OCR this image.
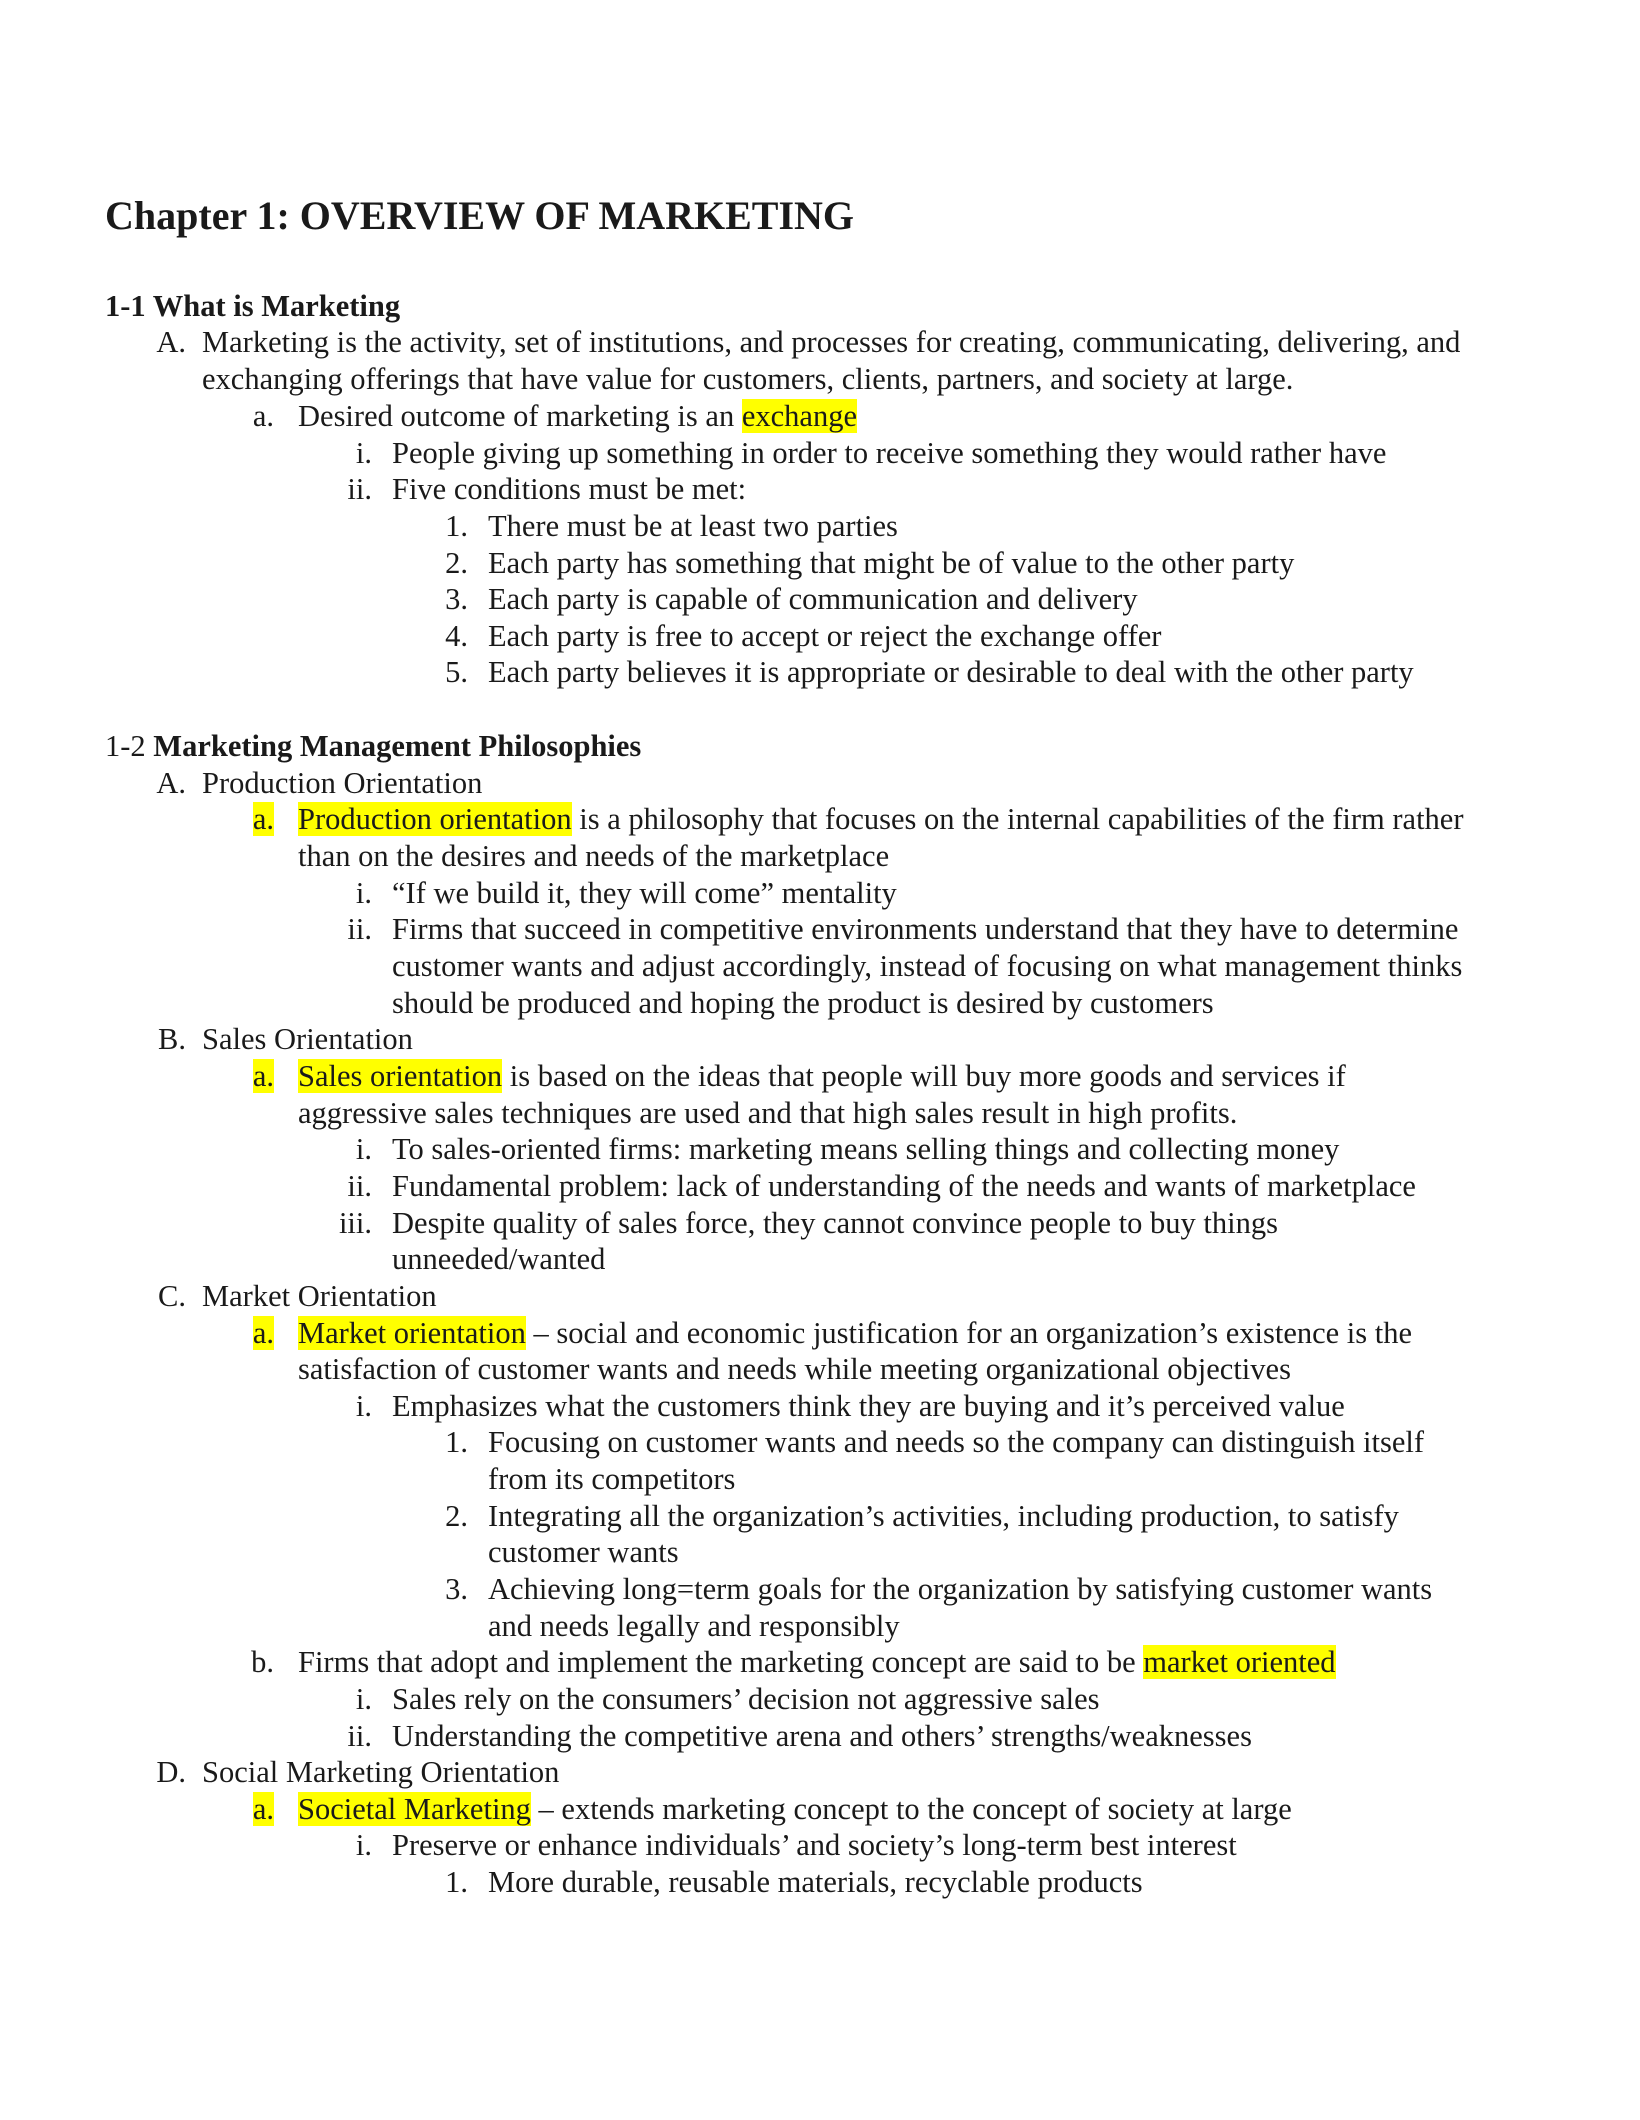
Chapter 1: OVERVIEW OF MARKETING
1-1 What is Marketing
A. Marketing is the activity, set of institutions, and processes for creating, communicating, delivering, and
exchanging offerings that have value for customers, clients, partners, and society at large.
a. Desired outcome of marketing is an exchange
i. People giving up something in order to receive something they would rather have
ii. Five conditions must be met:
1. There must be at least two parties
2. Each party has something that might be of value to the other party
3. Each party is capable of communication and delivery
4. Each party is free to accept or reject the exchange offer
5. Each party believes it is appropriate or desirable to deal with the other party
1-2 Marketing Management Philosophies
A. Production Orientation
a. Production orientation is a philosophy that focuses on the internal capabilities of the firm rather
than on the desires and needs of the marketplace
i. “If we build it, they will come” mentality
ii. Firms that succeed in competitive environments understand that they have to determine
customer wants and adjust accordingly, instead of focusing on what management thinks
should be produced and hoping the product is desired by customers
B. Sales Orientation
a. Sales orientation is based on the ideas that people will buy more goods and services if
aggressive sales techniques are used and that high sales result in high profits.
i. To sales-oriented firms: marketing means selling things and collecting money
ii. Fundamental problem: lack of understanding of the needs and wants of marketplace
iii. Despite quality of sales force, they cannot convince people to buy things
unneeded/wanted
C. Market Orientation
a. Market orientation – social and economic justification for an organization’s existence is the
satisfaction of customer wants and needs while meeting organizational objectives
i. Emphasizes what the customers think they are buying and it’s perceived value
1. Focusing on customer wants and needs so the company can distinguish itself
from its competitors
2. Integrating all the organization’s activities, including production, to satisfy
customer wants
3. Achieving long=term goals for the organization by satisfying customer wants
and needs legally and responsibly
b. Firms that adopt and implement the marketing concept are said to be market oriented
i. Sales rely on the consumers’ decision not aggressive sales
ii. Understanding the competitive arena and others’ strengths/weaknesses
D. Social Marketing Orientation
a. Societal Marketing – extends marketing concept to the concept of society at large
i. Preserve or enhance individuals’ and society’s long-term best interest
1. More durable, reusable materials, recyclable products
